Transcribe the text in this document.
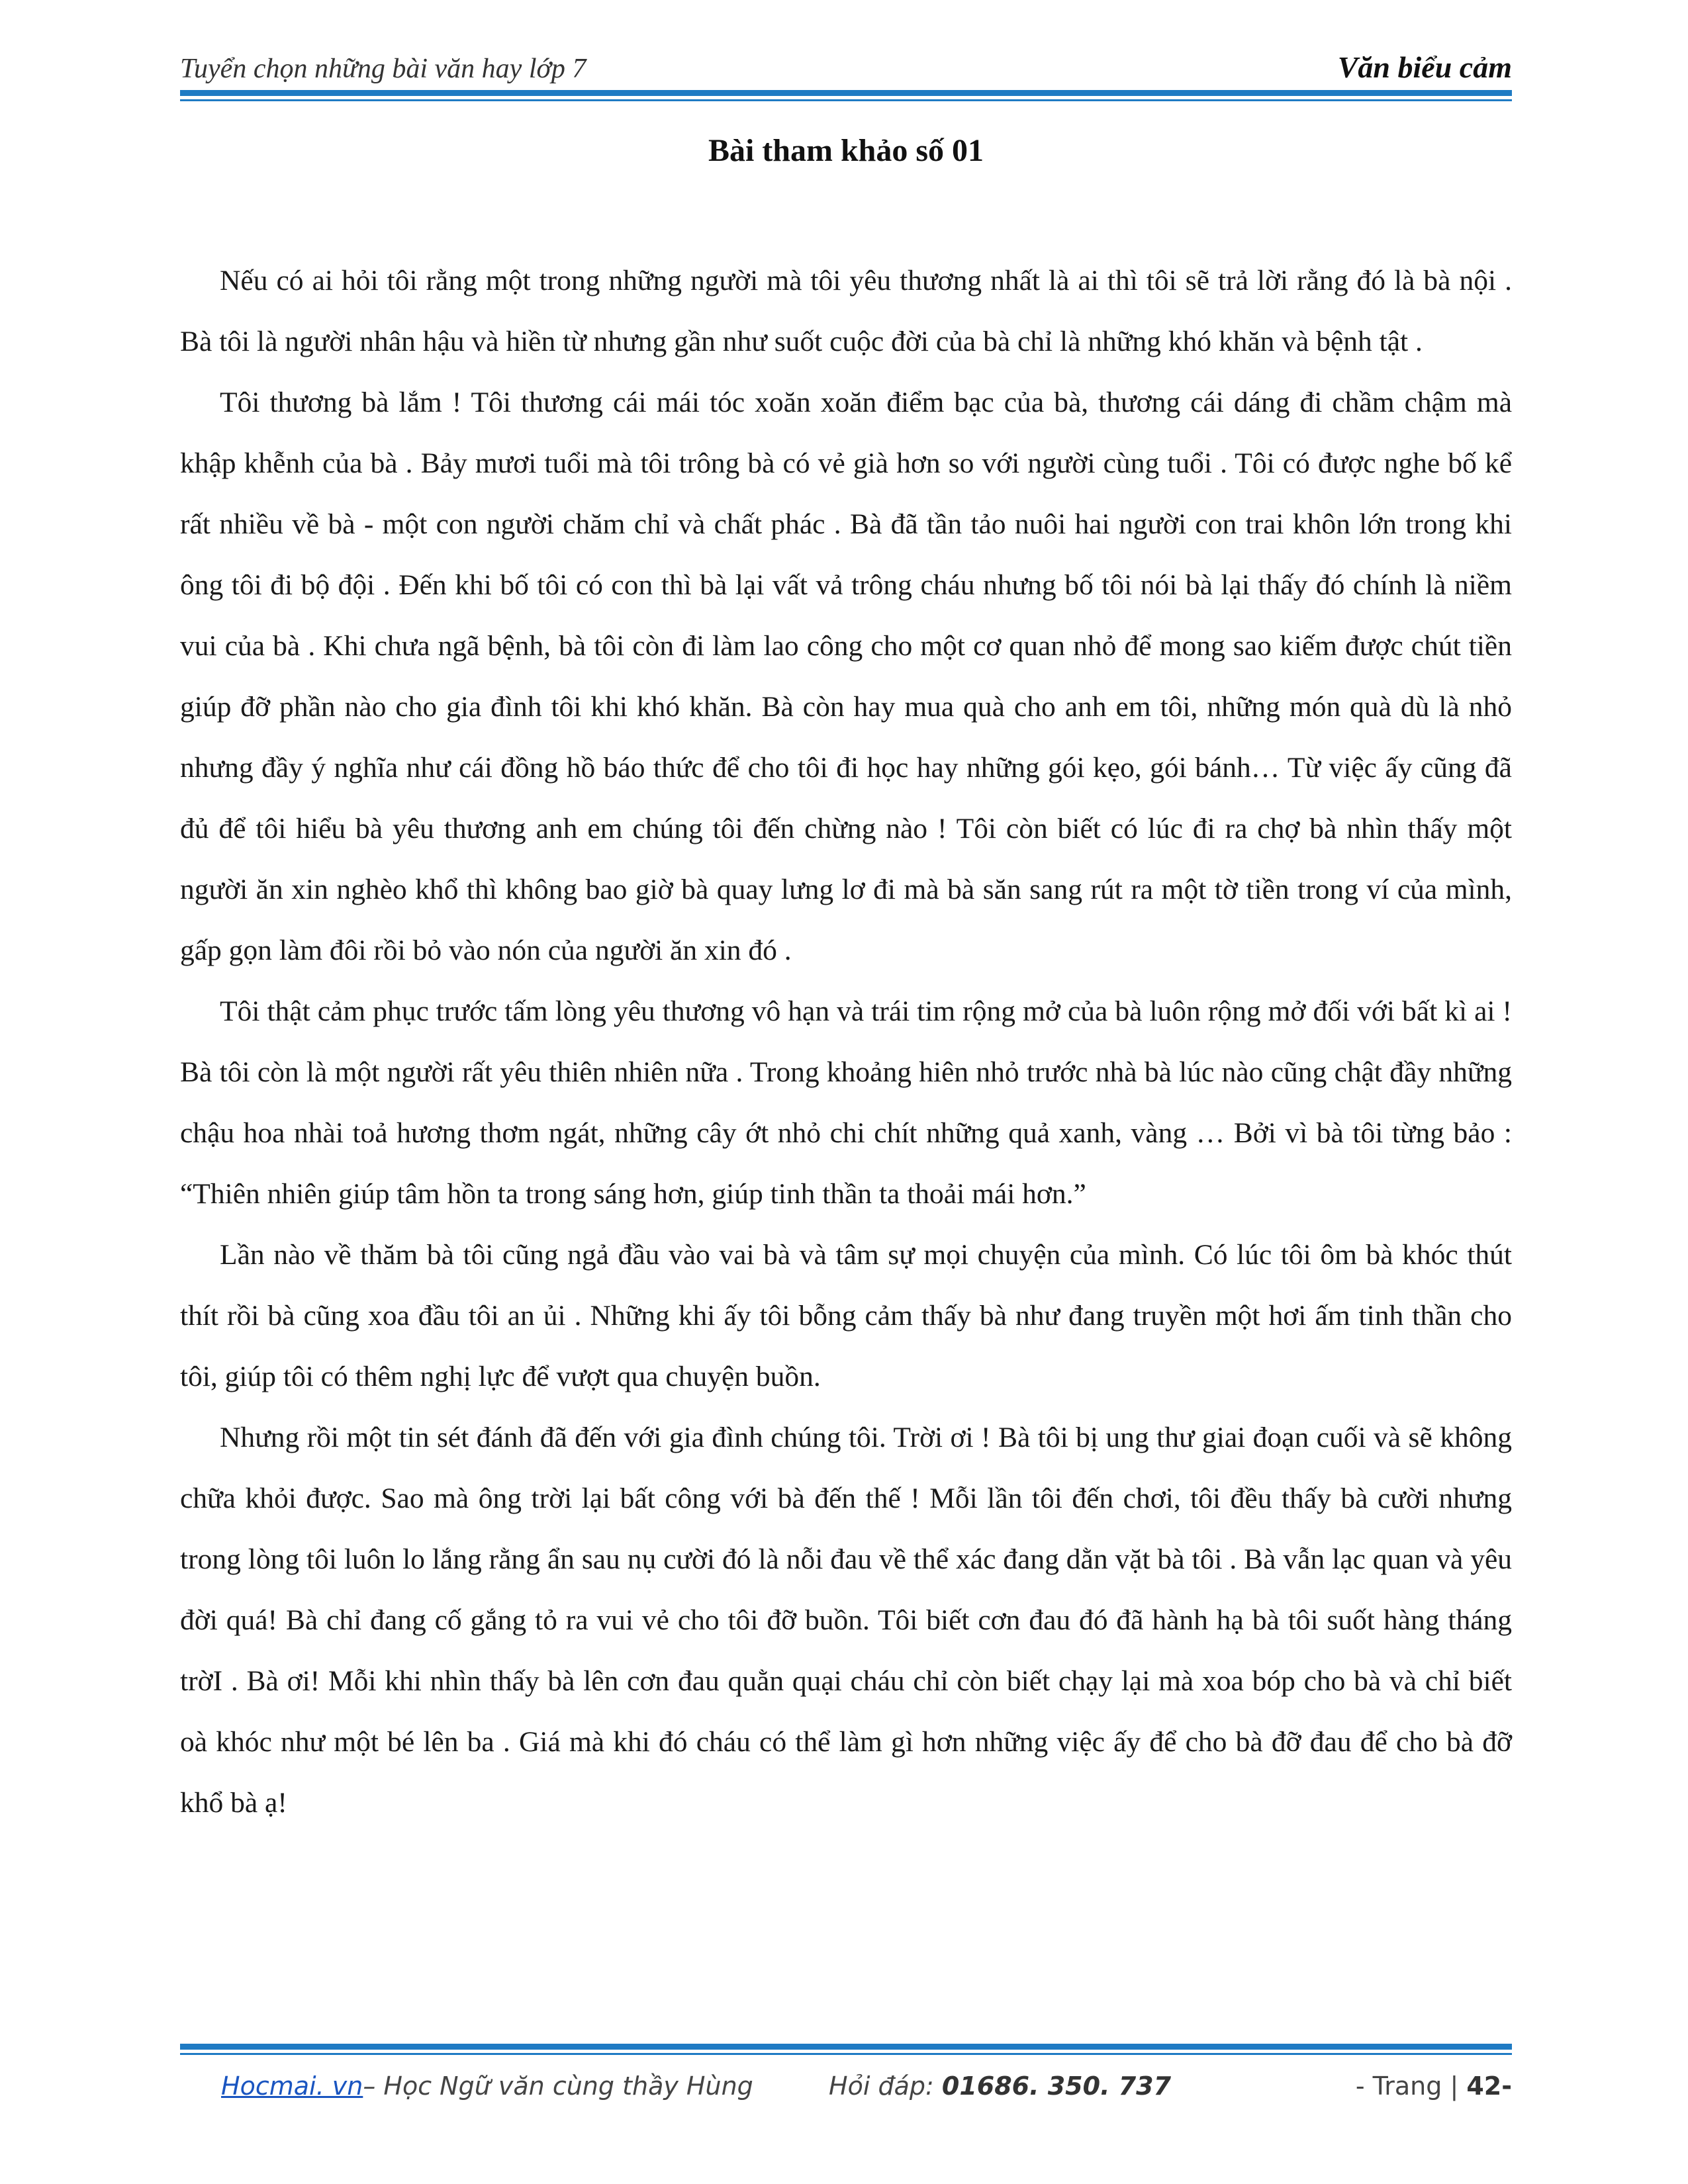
Tuyển chọn những bài văn hay lớp 7	Văn biểu cảm
Bài tham khảo số 01

Nếu có ai hỏi tôi rằng một trong những người mà tôi yêu thương nhất là ai thì tôi sẽ trả lời rằng đó là bà nội . Bà tôi là người nhân hậu và hiền từ nhưng gần như suốt cuộc đời của bà chỉ là những khó khăn và bệnh tật .

Tôi thương bà lắm ! Tôi thương cái mái tóc xoăn xoăn điểm bạc của bà, thương cái dáng đi chầm chậm mà khập khễnh của bà . Bảy mươi tuổi mà tôi trông bà có vẻ già hơn so với người cùng tuổi . Tôi có được nghe bố kể rất nhiều về bà - một con người chăm chỉ và chất phác . Bà đã tần tảo nuôi hai người con trai khôn lớn trong khi ông tôi đi bộ đội . Đến khi bố tôi có con thì bà lại vất vả trông cháu nhưng bố tôi nói bà lại thấy đó chính là niềm vui của bà . Khi chưa ngã bệnh, bà tôi còn đi làm lao công cho một cơ quan nhỏ để mong sao kiếm được chút tiền giúp đỡ phần nào cho gia đình tôi khi khó khăn. Bà còn hay mua quà cho anh em tôi, những món quà dù là nhỏ nhưng đầy ý nghĩa như cái đồng hồ báo thức để cho tôi đi học hay những gói kẹo, gói bánh… Từ việc ấy cũng đã đủ để tôi hiểu bà yêu thương anh em chúng tôi đến chừng nào ! Tôi còn biết có lúc đi ra chợ bà nhìn thấy một người ăn xin nghèo khổ thì không bao giờ bà quay lưng lơ đi mà bà săn sang rút ra một tờ tiền trong ví của mình, gấp gọn làm đôi rồi bỏ vào nón của người ăn xin đó .

Tôi thật cảm phục trước tấm lòng yêu thương vô hạn và trái tim rộng mở của bà luôn rộng mở đối với bất kì ai ! Bà tôi còn là một người rất yêu thiên nhiên nữa . Trong khoảng hiên nhỏ trước nhà bà lúc nào cũng chật đầy những chậu hoa nhài toả hương thơm ngát, những cây ớt nhỏ chi chít những quả xanh, vàng … Bởi vì bà tôi từng bảo : “Thiên nhiên giúp tâm hồn ta trong sáng hơn, giúp tinh thần ta thoải mái hơn.”

Lần nào về thăm bà tôi cũng ngả đầu vào vai bà và tâm sự mọi chuyện của mình. Có lúc tôi ôm bà khóc thút thít rồi bà cũng xoa đầu tôi an ủi . Những khi ấy tôi bỗng cảm thấy bà như đang truyền một hơi ấm tinh thần cho tôi, giúp tôi có thêm nghị lực để vượt qua chuyện buồn.

Nhưng rồi một tin sét đánh đã đến với gia đình chúng tôi. Trời ơi ! Bà tôi bị ung thư giai đoạn cuối và sẽ không chữa khỏi được. Sao mà ông trời lại bất công với bà đến thế ! Mỗi lần tôi đến chơi, tôi đều thấy bà cười nhưng trong lòng tôi luôn lo lắng rằng ẩn sau nụ cười đó là nỗi đau về thể xác đang dằn vặt bà tôi . Bà vẫn lạc quan và yêu đời quá! Bà chỉ đang cố gắng tỏ ra vui vẻ cho tôi đỡ buồn. Tôi biết cơn đau đó đã hành hạ bà tôi suốt hàng tháng trờI . Bà ơi! Mỗi khi nhìn thấy bà lên cơn đau quằn quại cháu chỉ còn biết chạy lại mà xoa bóp cho bà và chỉ biết oà khóc như một bé lên ba . Giá mà khi đó cháu có thể làm gì hơn những việc ấy để cho bà đỡ đau để cho bà đỡ khổ bà ạ!

Hocmai. vn– Học Ngữ văn cùng thầy Hùng	Hỏi đáp: 01686. 350. 737	- Trang | 42-
